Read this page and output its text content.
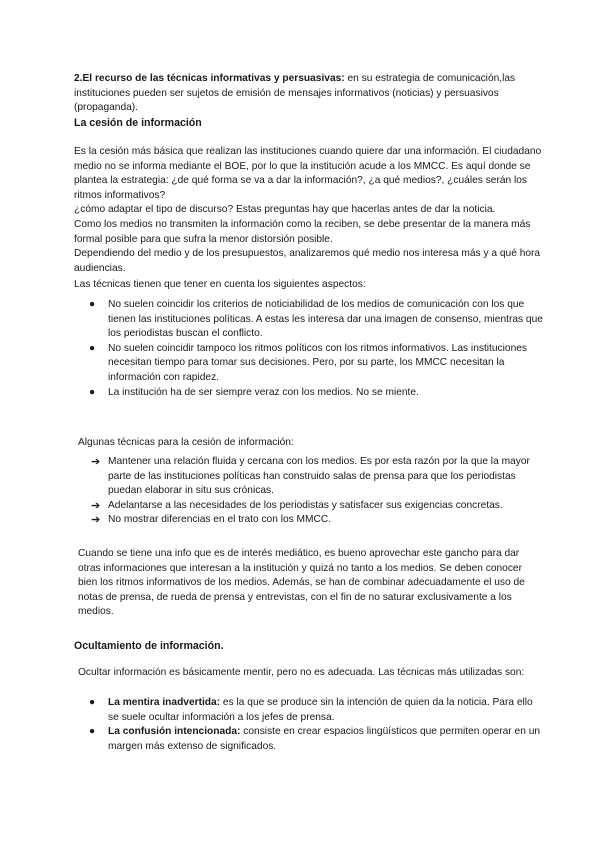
2.El recurso de las técnicas informativas y persuasivas: en su estrategia de comunicación,las instituciones pueden ser sujetos de emisión de mensajes informativos (noticias) y persuasivos (propaganda).

La cesión de información

Es la cesión más básica que realizan las instituciones cuando quiere dar una información. El ciudadano medio no se informa mediante el BOE, por lo que la institución acude a los MMCC. Es aquí donde se plantea la estrategia: ¿de qué forma se va a dar la información?, ¿a qué medios?, ¿cuáles serán los ritmos informativos?

¿cómo adaptar el tipo de discurso? Estas preguntas hay que hacerlas antes de dar la noticia.

Como los medios no transmiten la información como la reciben, se debe presentar de la manera más formal posible para que sufra la menor distorsión posible.

Dependiendo del medio y de los presupuestos, analizaremos qué medio nos interesa más y a qué hora audiencias.

Las técnicas tienen que tener en cuenta los siguientes aspectos:
● No suelen coincidir los criterios de noticiabilidad de los medios de comunicación con los que tienen las instituciones políticas. A estas les interesa dar una imagen de consenso, mientras que los periodistas buscan el conflicto.
● No suelen coincidir tampoco los ritmos políticos con los ritmos informativos. Las instituciones necesitan tiempo para tomar sus decisiones. Pero, por su parte, los MMCC necesitan la información con rapidez.
● La institución ha de ser siempre veraz con los medios. No se miente.
Algunas técnicas para la cesión de información:
➔ Mantener una relación fluida y cercana con los medios. Es por esta razón por la que la mayor parte de las instituciones políticas han construido salas de prensa para que los periodistas puedan elaborar in situ sus crónicas.
➔ Adelantarse a las necesidades de los periodistas y satisfacer sus exigencias concretas.
➔ No mostrar diferencias en el trato con los MMCC.
Cuando se tiene una info que es de interés mediático, es bueno aprovechar este gancho para dar otras informaciones que interesan a la institución y quizá no tanto a los medios. Se deben conocer bien los ritmos informativos de los medios. Además, se han de combinar adecuadamente el uso de notas de prensa, de rueda de prensa y entrevistas, con el fin de no saturar exclusivamente a los medios.
Ocultamiento de información.
Ocultar información es básicamente mentir, pero no es adecuada. Las técnicas más utilizadas son:
● La mentira inadvertida: es la que se produce sin la intención de quien da la noticia. Para ello se suele ocultar información a los jefes de prensa.
● La confusión intencionada: consiste en crear espacios lingüísticos que permiten operar en un margen más extenso de significados.
